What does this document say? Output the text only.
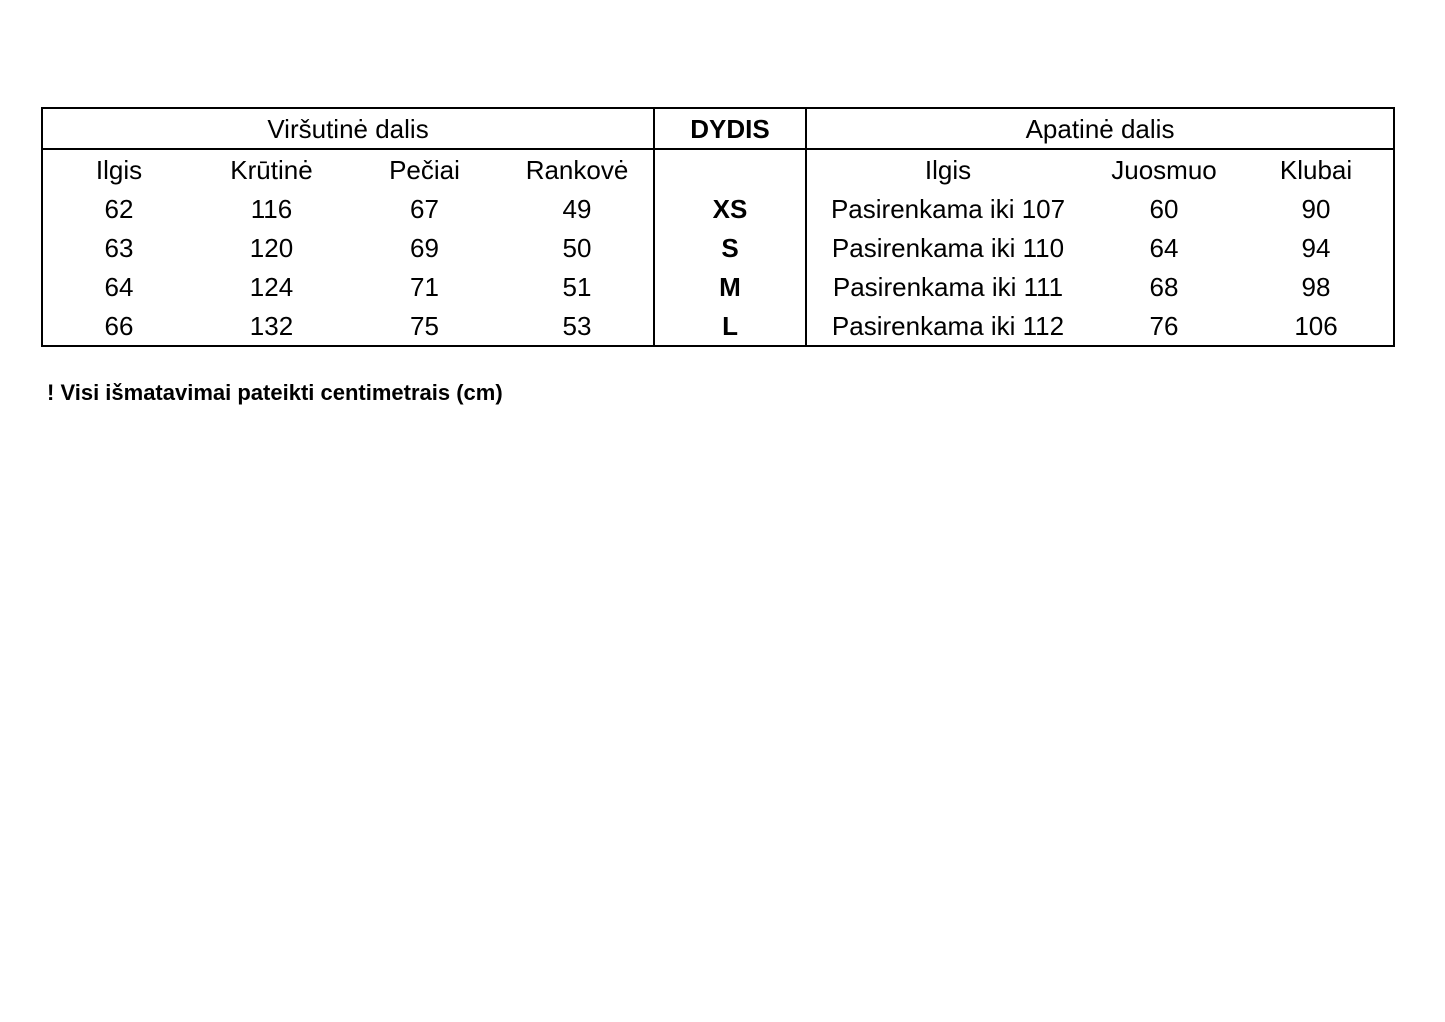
Viršutinė dalis				DYDIS	Apatinė dalis		
Ilgis	Krūtinė	Pečiai	Rankovė		Ilgis	Juosmuo	Klubai
62	116	67	49	XS	Pasirenkama iki 107	60	90
63	120	69	50	S	Pasirenkama iki 110	64	94
64	124	71	51	M	Pasirenkama iki 111	68	98
66	132	75	53	L	Pasirenkama iki 112	76	106
! Visi išmatavimai pateikti centimetrais (cm)
